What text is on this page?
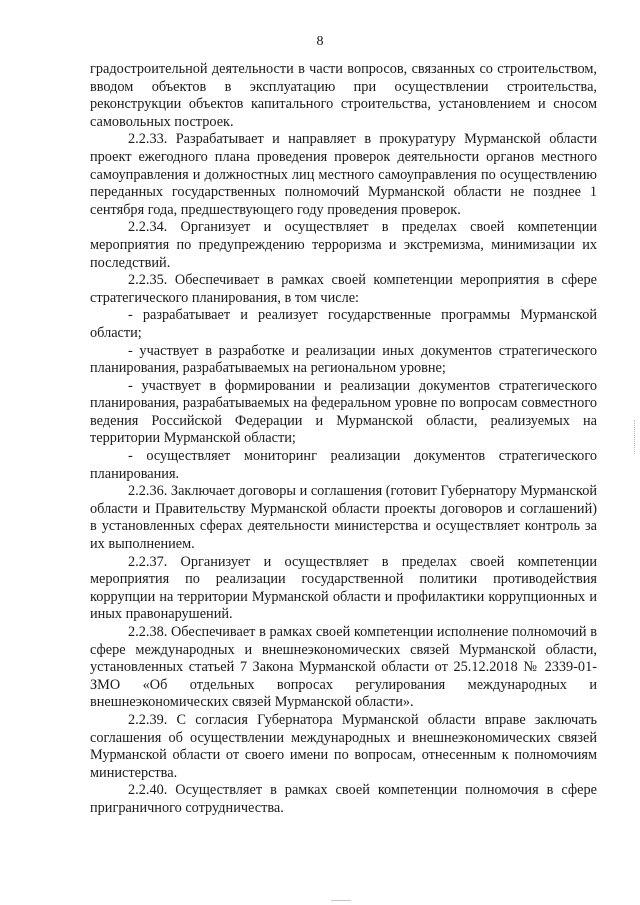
8

градостроительной деятельности в части вопросов, связанных со строительством, вводом объектов в эксплуатацию при осуществлении строительства, реконструкции объектов капитального строительства, установлением и сносом самовольных построек.

2.2.33. Разрабатывает и направляет в прокуратуру Мурманской области проект ежегодного плана проведения проверок деятельности органов местного самоуправления и должностных лиц местного самоуправления по осуществлению переданных государственных полномочий Мурманской области не позднее 1 сентября года, предшествующего году проведения проверок.

2.2.34. Организует и осуществляет в пределах своей компетенции мероприятия по предупреждению терроризма и экстремизма, минимизации их последствий.

2.2.35. Обеспечивает в рамках своей компетенции мероприятия в сфере стратегического планирования, в том числе:

- разрабатывает и реализует государственные программы Мурманской области;

- участвует в разработке и реализации иных документов стратегического планирования, разрабатываемых на региональном уровне;

- участвует в формировании и реализации документов стратегического планирования, разрабатываемых на федеральном уровне по вопросам совместного ведения Российской Федерации и Мурманской области, реализуемых на территории Мурманской области;

- осуществляет мониторинг реализации документов стратегического планирования.

2.2.36. Заключает договоры и соглашения (готовит Губернатору Мурманской области и Правительству Мурманской области проекты договоров и соглашений) в установленных сферах деятельности министерства и осуществляет контроль за их выполнением.

2.2.37. Организует и осуществляет в пределах своей компетенции мероприятия по реализации государственной политики противодействия коррупции на территории Мурманской области и профилактики коррупционных и иных правонарушений.

2.2.38. Обеспечивает в рамках своей компетенции исполнение полномочий в сфере международных и внешнеэкономических связей Мурманской области, установленных статьей 7 Закона Мурманской области от 25.12.2018 № 2339-01-ЗМО «Об отдельных вопросах регулирования международных и внешнеэкономических связей Мурманской области».

2.2.39. С согласия Губернатора Мурманской области вправе заключать соглашения об осуществлении международных и внешнеэкономических связей Мурманской области от своего имени по вопросам, отнесенным к полномочиям министерства.

2.2.40. Осуществляет в рамках своей компетенции полномочия в сфере приграничного сотрудничества.
